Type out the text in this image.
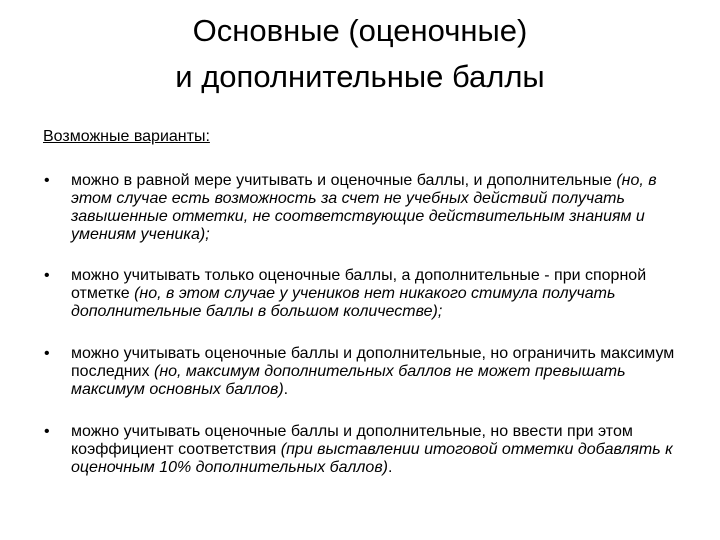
Основные (оценочные)
и дополнительные баллы
Возможные варианты:
• можно в равной мере учитывать и оценочные баллы, и дополнительные (но, в этом случае есть возможность за счет не учебных действий получать завышенные отметки, не соответствующие действительным знаниям и умениям ученика);
• можно учитывать только оценочные баллы, а дополнительные - при спорной отметке (но, в этом случае у учеников нет никакого стимула получать дополнительные баллы в большом количестве);
• можно учитывать оценочные баллы и дополнительные, но ограничить максимум последних (но, максимум дополнительных баллов не может превышать максимум основных баллов).
• можно учитывать оценочные баллы и дополнительные, но ввести при этом коэффициент соответствия (при выставлении итоговой отметки добавлять к оценочным 10% дополнительных баллов).
